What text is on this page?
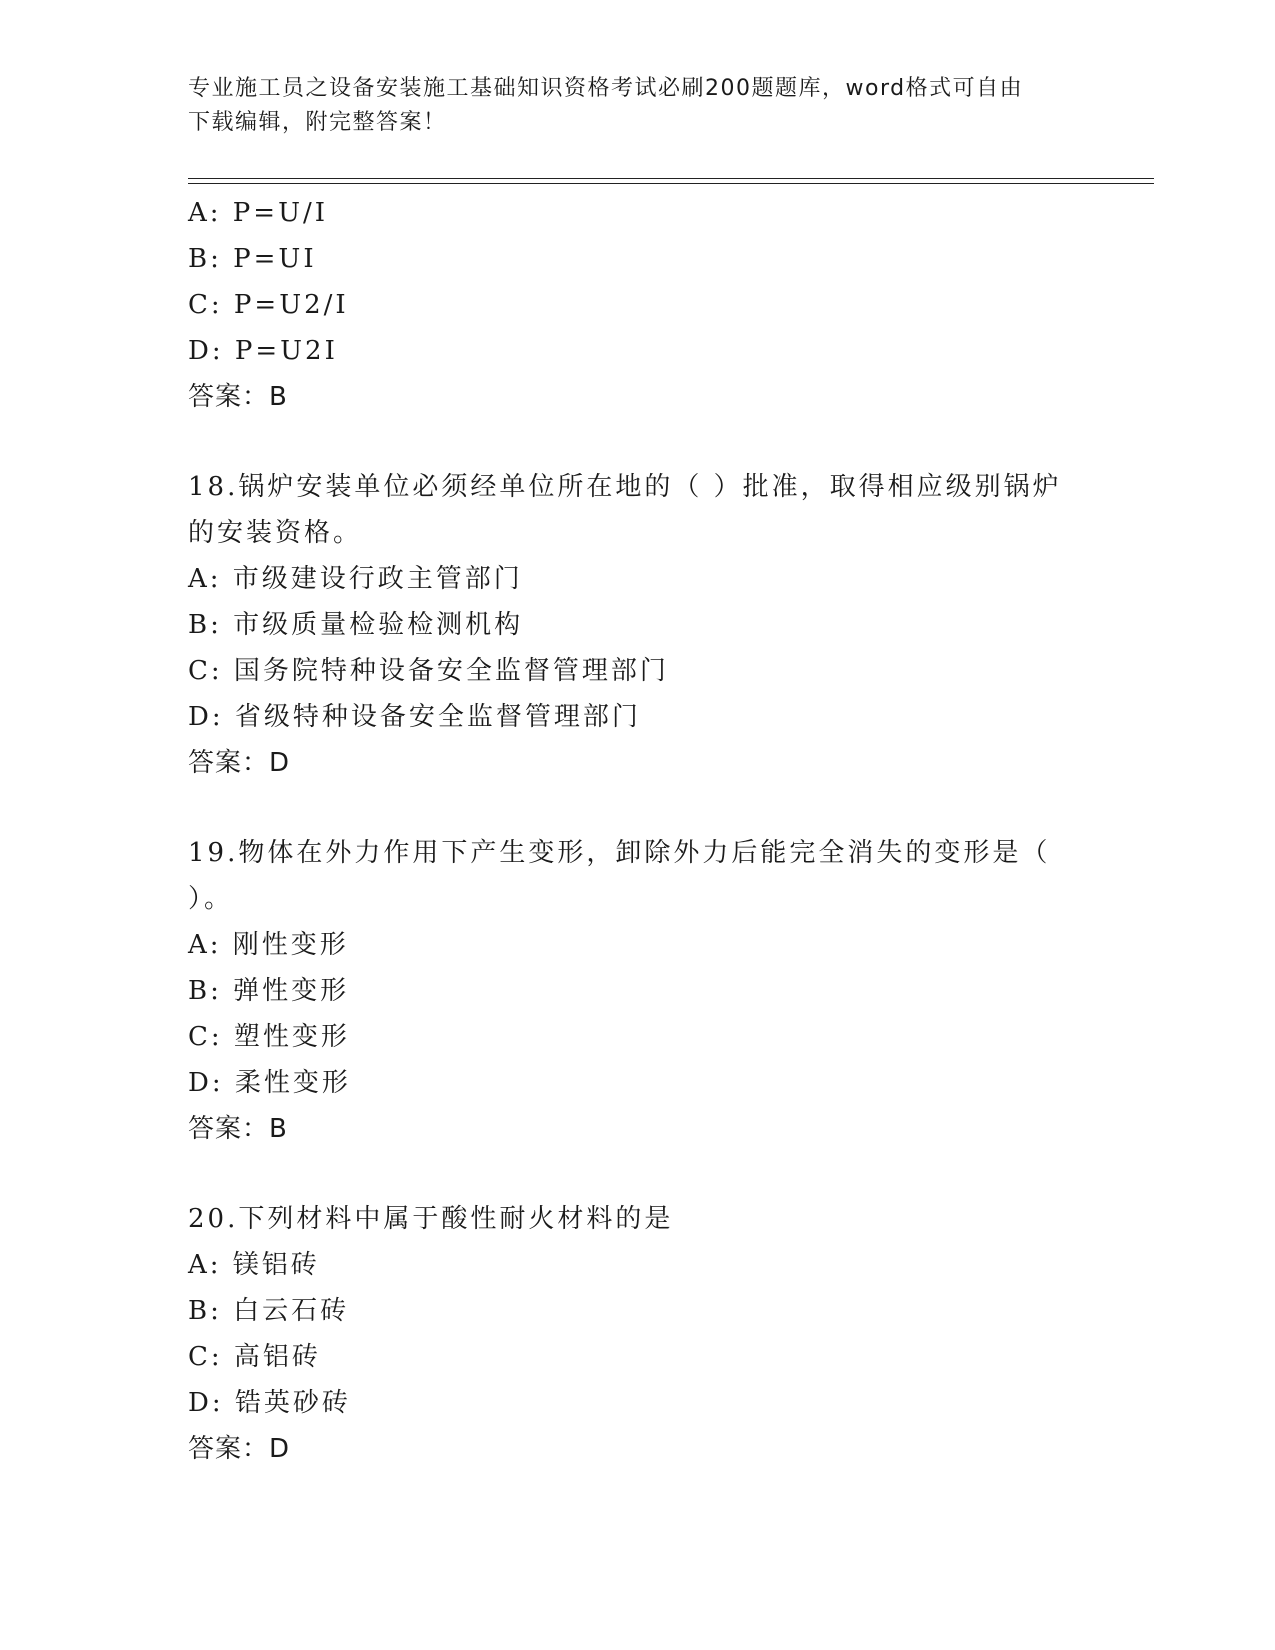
专业施工员之设备安装施工基础知识资格考试必刷200题题库，word格式可自由
下载编辑，附完整答案！
A: P=U/I
B: P=UI
C: P=U2/I
D: P=U2I
答案：B
18.锅炉安装单位必须经单位所在地的（ ）批准，取得相应级别锅炉
的安装资格。
A: 市级建设行政主管部门
B: 市级质量检验检测机构
C: 国务院特种设备安全监督管理部门
D: 省级特种设备安全监督管理部门
答案：D
19.物体在外力作用下产生变形，卸除外力后能完全消失的变形是（
）。
A: 刚性变形
B: 弹性变形
C: 塑性变形
D: 柔性变形
答案：B
20.下列材料中属于酸性耐火材料的是
A: 镁铝砖
B: 白云石砖
C: 高铝砖
D: 锆英砂砖
答案：D
